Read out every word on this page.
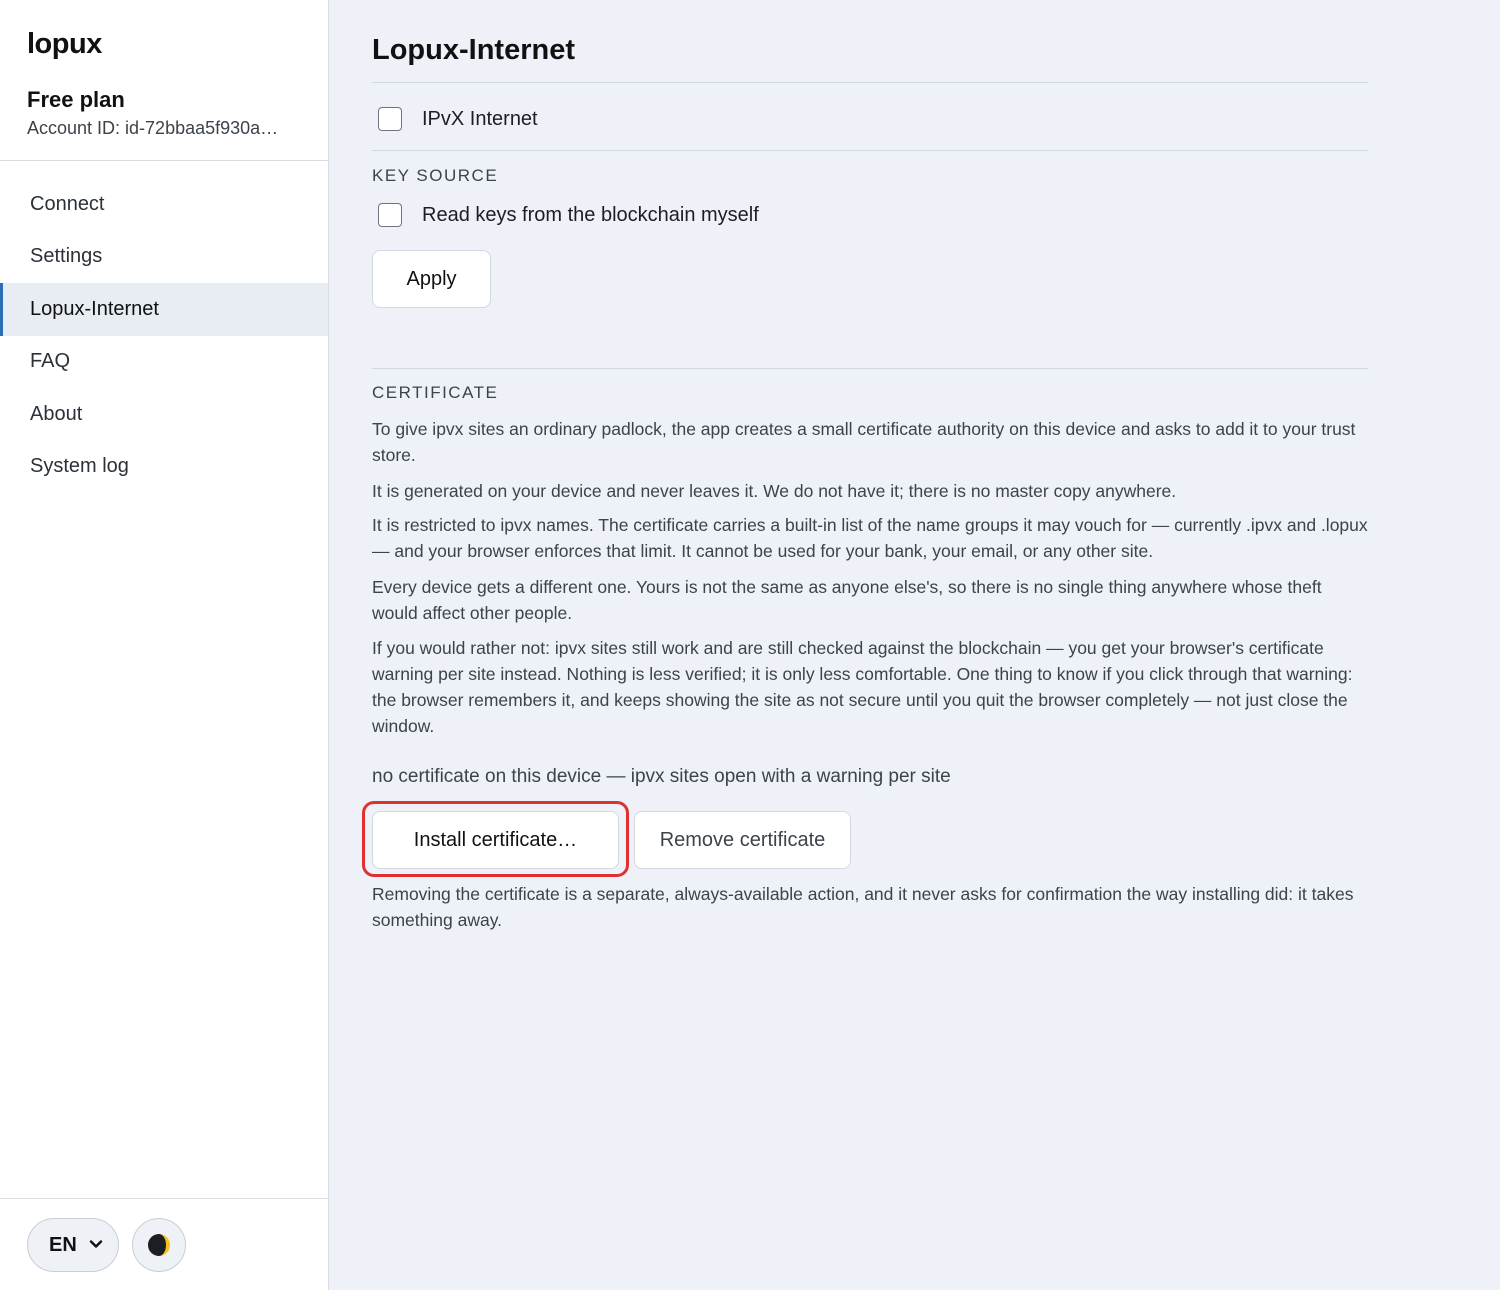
lopux
Free plan
Account ID: id-72bbaa5f930a…
Connect
Settings
Lopux-Internet
FAQ
About
System log
EN
Lopux-Internet
IPvX Internet
KEY SOURCE
Read keys from the blockchain myself
Apply
CERTIFICATE

To give ipvx sites an ordinary padlock, the app creates a small certificate authority on this device and asks to add it to your trust store.

It is generated on your device and never leaves it. We do not have it; there is no master copy anywhere.

It is restricted to ipvx names. The certificate carries a built-in list of the name groups it may vouch for — currently .ipvx and .lopux — and your browser enforces that limit. It cannot be used for your bank, your email, or any other site.

Every device gets a different one. Yours is not the same as anyone else's, so there is no single thing anywhere whose theft would affect other people.

If you would rather not: ipvx sites still work and are still checked against the blockchain — you get your browser's certificate warning per site instead. Nothing is less verified; it is only less comfortable. One thing to know if you click through that warning: the browser remembers it, and keeps showing the site as not secure until you quit the browser completely — not just close the window.

no certificate on this device — ipvx sites open with a warning per site
Install certificate…	Remove certificate

Removing the certificate is a separate, always-available action, and it never asks for confirmation the way installing did: it takes something away.
